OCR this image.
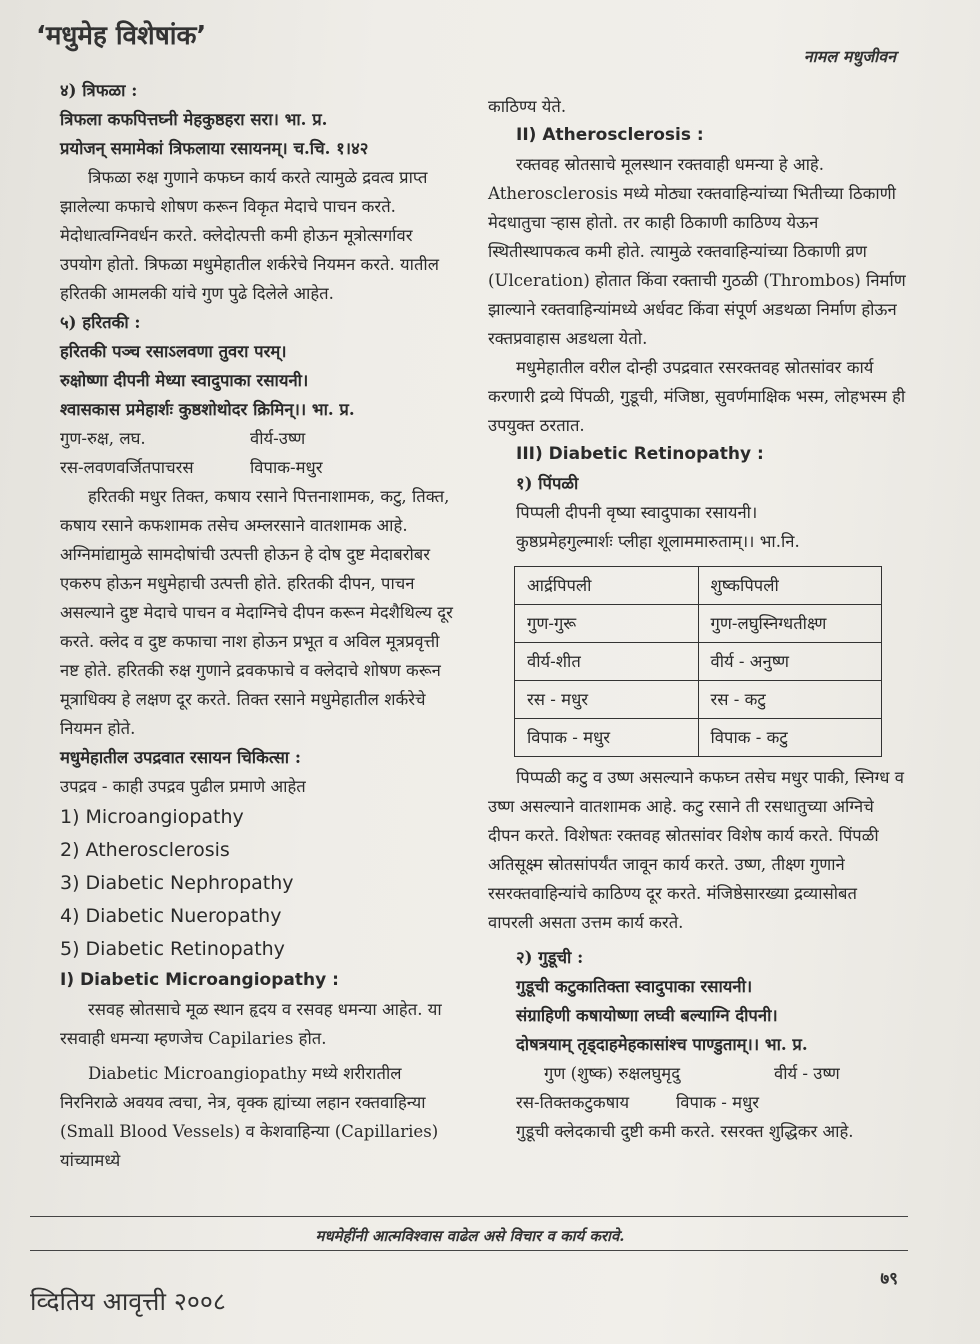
‘मधुमेह विशेषांक’
नामल मधुजीवन

४) त्रिफळा :

त्रिफला कफपित्तघ्नी मेहकुष्ठहरा सरा। भा. प्र.

प्रयोजन् समामेकां त्रिफलाया रसायनम्। च.चि. १।४२

त्रिफळा रुक्ष गुणाने कफघ्न कार्य करते त्यामुळे द्रवत्व प्राप्त झालेल्या कफाचे शोषण करून विकृत मेदाचे पाचन करते. मेदोधात्वग्निवर्धन करते. क्लेदोत्पत्ती कमी होऊन मूत्रोत्सर्गावर उपयोग होतो. त्रिफळा मधुमेहातील शर्करेचे नियमन करते. यातील हरितकी आमलकी यांचे गुण पुढे दिलेले आहेत.

५) हरितकी :

हरितकी पञ्च रसाऽलवणा तुवरा परम्।

रुक्षोष्णा दीपनी मेध्या स्वादुपाका रसायनी।

श्वासकास प्रमेहार्शः कुष्ठशोथोदर क्रिमिन्।। भा. प्र.

गुण-रुक्ष, लघ.	वीर्य-उष्ण
रस-लवणवर्जितपाचरस	विपाक-मधुर

हरितकी मधुर तिक्त, कषाय रसाने पित्तनाशामक, कटु, तिक्त, कषाय रसाने कफशामक तसेच अम्लरसाने वातशामक आहे. अग्निमांद्यामुळे सामदोषांची उत्पत्ती होऊन हे दोष दुष्ट मेदाबरोबर एकरुप होऊन मधुमेहाची उत्पत्ती होते. हरितकी दीपन, पाचन असल्याने दुष्ट मेदाचे पाचन व मेदाग्निचे दीपन करून मेदशैथिल्य दूर करते. क्लेद व दुष्ट कफाचा नाश होऊन प्रभूत व अविल मूत्रप्रवृत्ती नष्ट होते. हरितकी रुक्ष गुणाने द्रवकफाचे व क्लेदाचे शोषण करून मूत्राधिक्य हे लक्षण दूर करते. तिक्त रसाने मधुमेहातील शर्करेचे नियमन होते.

मधुमेहातील उपद्रवात रसायन चिकित्सा :

उपद्रव - काही उपद्रव पुढील प्रमाणे आहेत

1) Microangiopathy
2) Atherosclerosis
3) Diabetic Nephropathy
4) Diabetic Nueropathy
5) Diabetic Retinopathy

I) Diabetic Microangiopathy :

रसवह स्रोतसाचे मूळ स्थान हृदय व रसवह धमन्या आहेत. या रसवाही धमन्या म्हणजेच Capilaries होत.

Diabetic Microangiopathy मध्ये शरीरातील निरनिराळे अवयव त्वचा, नेत्र, वृक्क ह्यांच्या लहान रक्तवाहिन्या (Small Blood Vessels) व केशवाहिन्या (Capillaries) यांच्यामध्ये

काठिण्य येते.

II) Atherosclerosis :

रक्तवह स्रोतसाचे मूलस्थान रक्तवाही धमन्या हे आहे. Atherosclerosis मध्ये मोठ्या रक्तवाहिन्यांच्या भितीच्या ठिकाणी मेदधातुचा ऱ्हास होतो. तर काही ठिकाणी काठिण्य येऊन स्थितीस्थापकत्व कमी होते. त्यामुळे रक्तवाहिन्यांच्या ठिकाणी व्रण (Ulceration) होतात किंवा रक्ताची गुठळी (Thrombos) निर्माण झाल्याने रक्तवाहिन्यांमध्ये अर्धवट किंवा संपूर्ण अडथळा निर्माण होऊन रक्तप्रवाहास अडथला येतो.

मधुमेहातील वरील दोन्ही उपद्रवात रसरक्तवह स्रोतसांवर कार्य करणारी द्रव्ये पिंपळी, गुडूची, मंजिष्ठा, सुवर्णमाक्षिक भस्म, लोहभस्म ही उपयुक्त ठरतात.

III) Diabetic Retinopathy :

१) पिंपळी

पिप्पली दीपनी वृष्या स्वादुपाका रसायनी।

कुष्ठप्रमेहगुल्मार्शः प्लीहा शूलाममारुताम्।। भा.नि.

आर्द्रपिपली	शुष्कपिपली
गुण-गुरू	गुण-लघुस्निग्धतीक्ष्ण
वीर्य-शीत	वीर्य - अनुष्ण
रस - मधुर	रस - कटु
विपाक - मधुर	विपाक - कटु

पिप्पळी कटु व उष्ण असल्याने कफघ्न तसेच मधुर पाकी, स्निग्ध व उष्ण असल्याने वातशामक आहे. कटु रसाने ती रसधातुच्या अग्निचे दीपन करते. विशेषतः रक्तवह स्रोतसांवर विशेष कार्य करते. पिंपळी अतिसूक्ष्म स्रोतसांपर्यंत जावून कार्य करते. उष्ण, तीक्ष्ण गुणाने रसरक्तवाहिन्यांचे काठिण्य दूर करते. मंजिष्ठेसारख्या द्रव्यासोबत वापरली असता उत्तम कार्य करते.

२) गुडूची :

गुडूची कटुकातिक्ता स्वादुपाका रसायनी।

संग्राहिणी कषायोष्णा लघ्वी बल्याग्नि दीपनी।

दोषत्रयाम् तृड्दाहमेहकासांश्च पाण्डुताम्।। भा. प्र.

गुण (शुष्क) रुक्षलघुमृदु	वीर्य - उष्ण
रस-तिक्तकटुकषाय	विपाक - मधुर

गुडूची क्लेदकाची दुष्टी कमी करते. रसरक्त शुद्धिकर आहे.

मधमेहींनी आत्मविश्वास वाढेल असे विचार व कार्य करावे.
व्दितिय आवृत्ती २००८
७९
